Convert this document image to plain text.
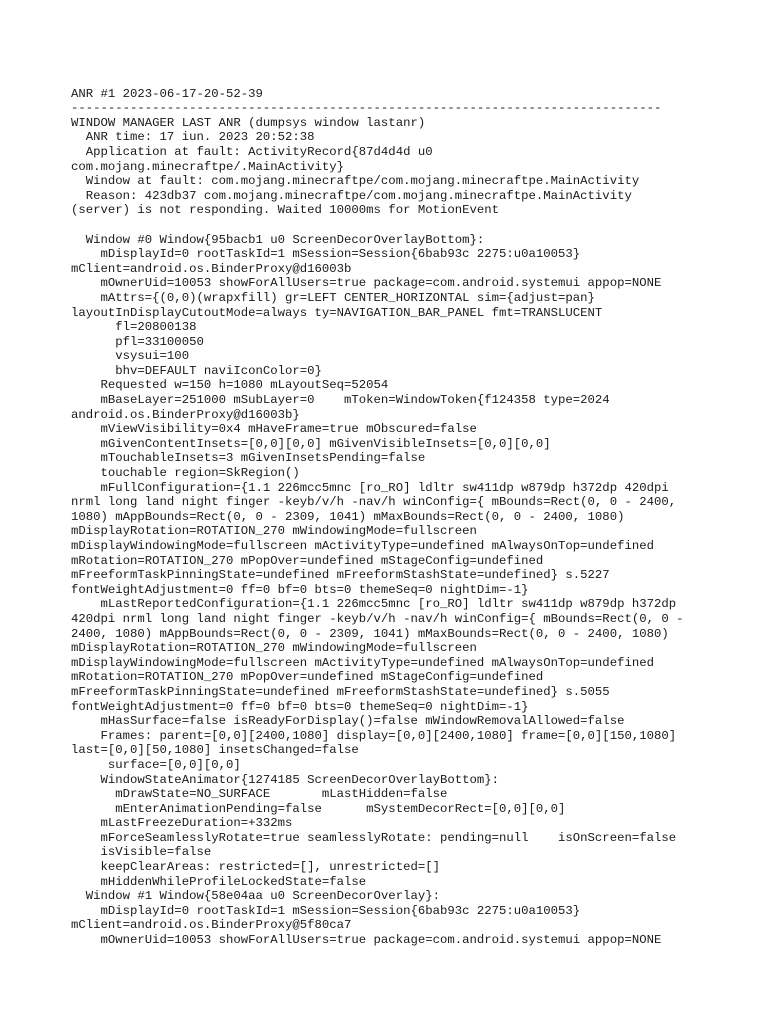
ANR #1 2023-06-17-20-52-39
--------------------------------------------------------------------------------
WINDOW MANAGER LAST ANR (dumpsys window lastanr)
ANR time: 17 iun. 2023 20:52:38
Application at fault: ActivityRecord{87d4d4d u0
com.mojang.minecraftpe/.MainActivity}
Window at fault: com.mojang.minecraftpe/com.mojang.minecraftpe.MainActivity
Reason: 423db37 com.mojang.minecraftpe/com.mojang.minecraftpe.MainActivity
(server) is not responding. Waited 10000ms for MotionEvent
Window #0 Window{95bacb1 u0 ScreenDecorOverlayBottom}:
mDisplayId=0 rootTaskId=1 mSession=Session{6bab93c 2275:u0a10053}
mClient=android.os.BinderProxy@d16003b
mOwnerUid=10053 showForAllUsers=true package=com.android.systemui appop=NONE
mAttrs={(0,0)(wrapxfill) gr=LEFT CENTER_HORIZONTAL sim={adjust=pan}
layoutInDisplayCutoutMode=always ty=NAVIGATION_BAR_PANEL fmt=TRANSLUCENT
fl=20800138
pfl=33100050
vsysui=100
bhv=DEFAULT naviIconColor=0}
Requested w=150 h=1080 mLayoutSeq=52054
mBaseLayer=251000 mSubLayer=0    mToken=WindowToken{f124358 type=2024
android.os.BinderProxy@d16003b}
mViewVisibility=0x4 mHaveFrame=true mObscured=false
mGivenContentInsets=[0,0][0,0] mGivenVisibleInsets=[0,0][0,0]
mTouchableInsets=3 mGivenInsetsPending=false
touchable region=SkRegion()
mFullConfiguration={1.1 226mcc5mnc [ro_RO] ldltr sw411dp w879dp h372dp 420dpi
nrml long land night finger -keyb/v/h -nav/h winConfig={ mBounds=Rect(0, 0 - 2400,
1080) mAppBounds=Rect(0, 0 - 2309, 1041) mMaxBounds=Rect(0, 0 - 2400, 1080)
mDisplayRotation=ROTATION_270 mWindowingMode=fullscreen
mDisplayWindowingMode=fullscreen mActivityType=undefined mAlwaysOnTop=undefined
mRotation=ROTATION_270 mPopOver=undefined mStageConfig=undefined
mFreeformTaskPinningState=undefined mFreeformStashState=undefined} s.5227
fontWeightAdjustment=0 ff=0 bf=0 bts=0 themeSeq=0 nightDim=-1}
mLastReportedConfiguration={1.1 226mcc5mnc [ro_RO] ldltr sw411dp w879dp h372dp
420dpi nrml long land night finger -keyb/v/h -nav/h winConfig={ mBounds=Rect(0, 0 -
2400, 1080) mAppBounds=Rect(0, 0 - 2309, 1041) mMaxBounds=Rect(0, 0 - 2400, 1080)
mDisplayRotation=ROTATION_270 mWindowingMode=fullscreen
mDisplayWindowingMode=fullscreen mActivityType=undefined mAlwaysOnTop=undefined
mRotation=ROTATION_270 mPopOver=undefined mStageConfig=undefined
mFreeformTaskPinningState=undefined mFreeformStashState=undefined} s.5055
fontWeightAdjustment=0 ff=0 bf=0 bts=0 themeSeq=0 nightDim=-1}
mHasSurface=false isReadyForDisplay()=false mWindowRemovalAllowed=false
Frames: parent=[0,0][2400,1080] display=[0,0][2400,1080] frame=[0,0][150,1080]
last=[0,0][50,1080] insetsChanged=false
surface=[0,0][0,0]
WindowStateAnimator{1274185 ScreenDecorOverlayBottom}:
mDrawState=NO_SURFACE       mLastHidden=false
mEnterAnimationPending=false      mSystemDecorRect=[0,0][0,0]
mLastFreezeDuration=+332ms
mForceSeamlesslyRotate=true seamlesslyRotate: pending=null    isOnScreen=false
isVisible=false
keepClearAreas: restricted=[], unrestricted=[]
mHiddenWhileProfileLockedState=false
Window #1 Window{58e04aa u0 ScreenDecorOverlay}:
mDisplayId=0 rootTaskId=1 mSession=Session{6bab93c 2275:u0a10053}
mClient=android.os.BinderProxy@5f80ca7
mOwnerUid=10053 showForAllUsers=true package=com.android.systemui appop=NONE
